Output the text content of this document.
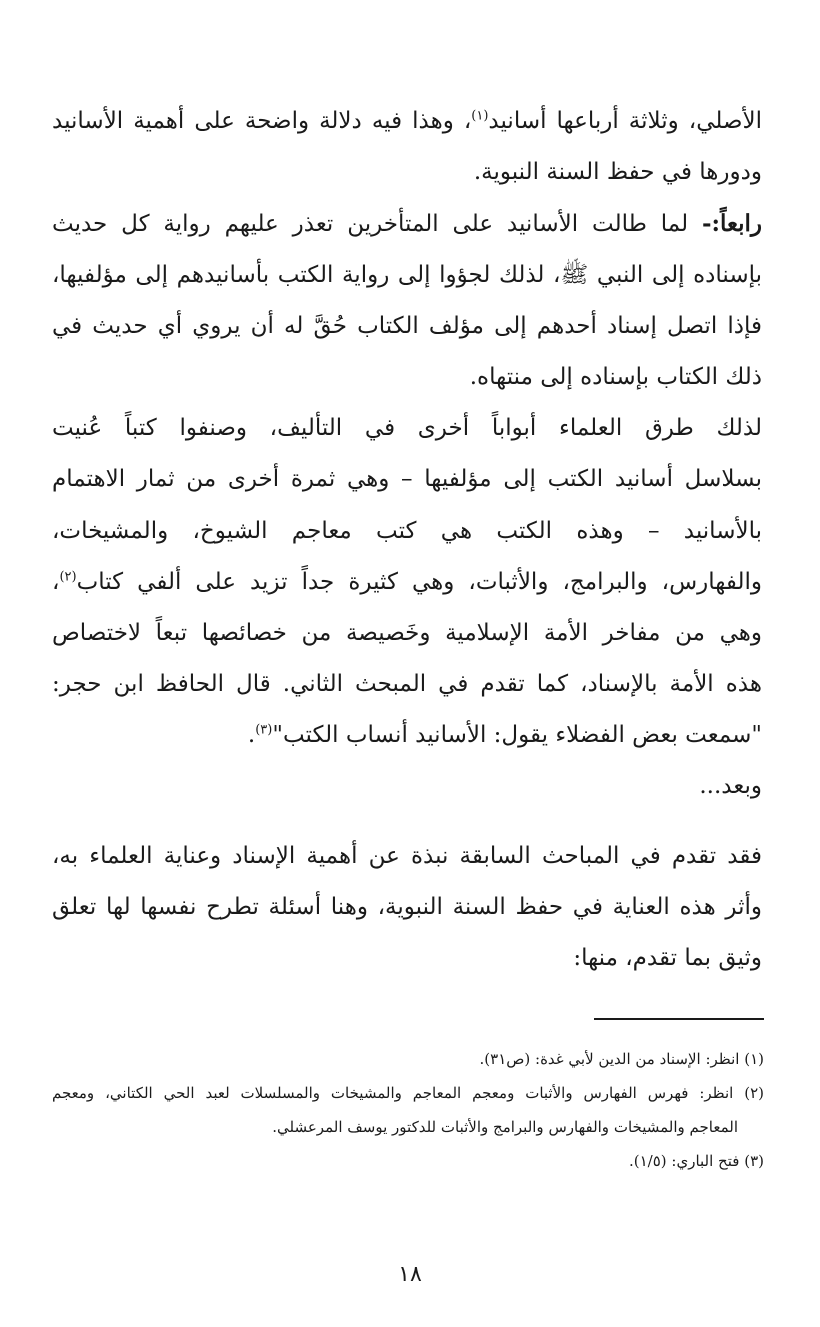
الأصلي، وثلاثة أرباعها أسانيد$^{(١)}$، وهذا فيه دلالة واضحة على أهمية الأسانيد
ودورها في حفظ السنة النبوية.
رابعاً:- لما طالت الأسانيد على المتأخرين تعذر عليهم رواية كل حديث
بإسناده إلى النبي ﷺ، لذلك لجؤوا إلى رواية الكتب بأسانيدهم إلى مؤلفيها،
فإذا اتصل إسناد أحدهم إلى مؤلف الكتاب حُقَّ له أن يروي أي حديث في
ذلك الكتاب بإسناده إلى منتهاه.
لذلك طرق العلماء أبواباً أخرى في التأليف، وصنفوا كتباً عُنيت
بسلاسل أسانيد الكتب إلى مؤلفيها – وهي ثمرة أخرى من ثمار الاهتمام
بالأسانيد – وهذه الكتب هي كتب معاجم الشيوخ، والمشيخات،
والفهارس، والبرامج، والأثبات، وهي كثيرة جداً تزيد على ألفي كتاب$^{(٢)}$،
وهي من مفاخر الأمة الإسلامية وخَصيصة من خصائصها تبعاً لاختصاص
هذه الأمة بالإسناد، كما تقدم في المبحث الثاني. قال الحافظ ابن حجر:
"سمعت بعض الفضلاء يقول: الأسانيد أنساب الكتب"$^{(٣)}$.
وبعد...
فقد تقدم في المباحث السابقة نبذة عن أهمية الإسناد وعناية العلماء به،
وأثر هذه العناية في حفظ السنة النبوية، وهنا أسئلة تطرح نفسها لها تعلق
وثيق بما تقدم، منها:
(١) انظر: الإسناد من الدين لأبي غدة: (ص٣١).
(٢) انظر: فهرس الفهارس والأثبات ومعجم المعاجم والمشيخات والمسلسلات لعبد الحي الكتاني، ومعجم
المعاجم والمشيخات والفهارس والبرامج والأثبات للدكتور يوسف المرعشلي.
(٣) فتح الباري: (١/٥).
١٨
